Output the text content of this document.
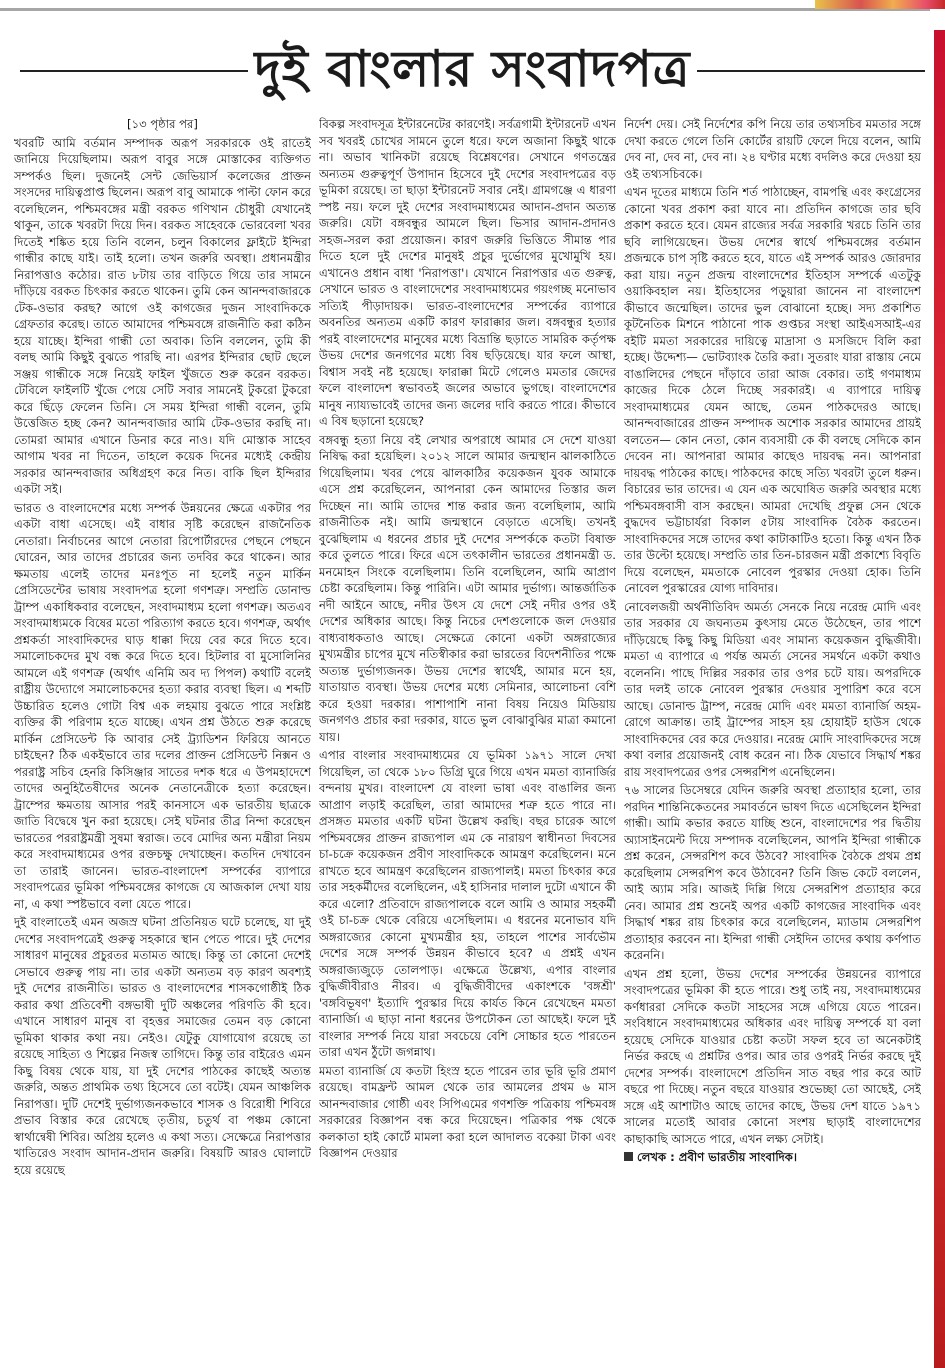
দুই বাংলার সংবাদপত্র
[১৩ পৃষ্ঠার পর]

খবরটি আমি বর্তমান সম্পাদক অরূপ সরকারকে ওই রাতেই জানিয়ে দিয়েছিলাম। অরূপ বাবুর সঙ্গে মোস্তাকের ব্যক্তিগত সম্পর্কও ছিল। দুজনেই সেন্ট জেভিয়ার্স কলেজের প্রাক্তন সংসদের দায়িত্বপ্রাপ্ত ছিলেন। অরূপ বাবু আমাকে পাল্টা ফোন করে বলেছিলেন, পশ্চিমবঙ্গের মন্ত্রী বরকত গণিখান চৌধুরী যেখানেই থাকুন, তাকে খবরটা দিয়ে দিন। বরকত সাহেবকে ভোরবেলা খবর দিতেই শঙ্কিত হয়ে তিনি বলেন, চলুন বিকালের ফ্লাইটে ইন্দিরা গান্ধীর কাছে যাই। তাই হলো। তখন জরুরি অবস্থা। প্রধানমন্ত্রীর নিরাপত্তাও কঠোর। রাত ৮টায় তার বাড়িতে গিয়ে তার সামনে দাঁড়িয়ে বরকত চিৎকার করতে থাকেন। তুমি কেন আনন্দবাজারকে টেক-ওভার করছ? আগে ওই কাগজের দুজন সাংবাদিককে গ্রেফতার করেছ। তাতে আমাদের পশ্চিমবঙ্গে রাজনীতি করা কঠিন হয়ে যাচ্ছে। ইন্দিরা গান্ধী তো অবাক। তিনি বললেন, তুমি কী বলছ আমি কিছুই বুঝতে পারছি না। এরপর ইন্দিরার ছোট ছেলে সঞ্জয় গান্ধীকে সঙ্গে নিয়েই ফাইল খুঁজতে শুরু করেন বরকত। টেবিলে ফাইলটি খুঁজে পেয়ে সেটি সবার সামনেই টুকরো টুকরো করে ছিঁড়ে ফেলেন তিনি। সে সময় ইন্দিরা গান্ধী বলেন, তুমি উত্তেজিত হচ্ছ কেন? আনন্দবাজার আমি টেক-ওভার করছি না। তোমরা আমার এখানে ডিনার করে নাও। যদি মোস্তাক সাহেব আগাম খবর না দিতেন, তাহলে কয়েক দিনের মধ্যেই কেন্দ্রীয় সরকার আনন্দবাজার অধিগ্রহণ করে নিত। বাকি ছিল ইন্দিরার একটা সই।

ভারত ও বাংলাদেশের মধ্যে সম্পর্ক উন্নয়নের ক্ষেত্রে একটার পর একটা বাধা এসেছে। এই বাধার সৃষ্টি করেছেন রাজনৈতিক নেতারা। নির্বাচনের আগে নেতারা রিপোর্টারদের পেছনে পেছনে ঘোরেন, আর তাদের প্রচারের জন্য তদবির করে থাকেন। আর ক্ষমতায় এলেই তাদের মনঃপূত না হলেই নতুন মার্কিন প্রেসিডেন্টের ভাষায় সংবাদপত্র হলো গণশত্রু। সম্প্রতি ডোনাল্ড ট্রাম্প একাধিকবার বলেছেন, সংবাদমাধ্যম হলো গণশত্রু। অতএব সংবাদমাধ্যমকে বিষের মতো পরিত্যাগ করতে হবে। গণশত্রু, অর্থাৎ প্রশ্নকর্তা সাংবাদিকদের ঘাড় ধাক্কা দিয়ে বের করে দিতে হবে। সমালোচকদের মুখ বন্ধ করে দিতে হবে। হিটলার বা মুসোলিনির আমলে এই গণশত্রু (অর্থাৎ এনিমি অব দ্য পিপল) কথাটি বলেই রাষ্ট্রীয় উদ্যোগে সমালোচকদের হত্যা করার ব্যবস্থা ছিল। এ শব্দটি উচ্চারিত হলেও গোটা বিশ্ব এক লহমায় বুঝতে পারে সংশ্লিষ্ট ব্যক্তির কী পরিণাম হতে যাচ্ছে। এখন প্রশ্ন উঠতে শুরু করেছে মার্কিন প্রেসিডেন্ট কি আবার সেই ট্র্যাডিশন ফিরিয়ে আনতে চাইছেন? ঠিক একইভাবে তার দলের প্রাক্তন প্রেসিডেন্ট নিক্সন ও পররাষ্ট্র সচিব হেনরি কিসিঞ্জার সাতের দশক ধরে এ উপমহাদেশে তাদের অনুহিতৈষীদের অনেক নেতানেত্রীকে হত্যা করেছেন। ট্রাম্পের ক্ষমতায় আসার পরই কানসাসে এক ভারতীয় ছাত্রকে জাতি বিদ্বেষে খুন করা হয়েছে। সেই ঘটনার তীব্র নিন্দা করেছেন ভারতের পররাষ্ট্রমন্ত্রী সুষমা স্বরাজ। তবে মোদির অন্য মন্ত্রীরা নিয়ম করে সংবাদমাধ্যমের ওপর রক্তচক্ষু দেখাচ্ছেন। কতদিন দেখাবেন তা তারাই জানেন। ভারত-বাংলাদেশ সম্পর্কের ব্যাপারে সংবাদপত্রের ভূমিকা পশ্চিমবঙ্গের কাগজে যে আজকাল দেখা যায় না, এ কথা স্পষ্টভাবে বলা যেতে পারে।

দুই বাংলাতেই এমন অজস্র ঘটনা প্রতিনিয়ত ঘটে চলেছে, যা দুই দেশের সংবাদপত্রেই গুরুত্ব সহকারে স্থান পেতে পারে। দুই দেশের সাধারণ মানুষের প্রচুরতর মতামত আছে। কিন্তু তা কোনো দেশেই সেভাবে গুরুত্ব পায় না। তার একটা অন্যতম বড় কারণ অবশ্যই দুই দেশের রাজনীতি। ভারত ও বাংলাদেশের শাসকগোষ্ঠীই ঠিক করার কথা প্রতিবেশী বঙ্গভাষী দুটি অঞ্চলের পরিণতি কী হবে। এখানে সাধারণ মানুষ বা বৃহত্তর সমাজের তেমন বড় কোনো ভূমিকা থাকার কথা নয়। নেইও। যেটুকু যোগাযোগ রয়েছে তা রয়েছে সাহিত্য ও শিল্পের নিজস্ব তাগিদে। কিন্তু তার বাইরেও এমন কিছু বিষয় থেকে যায়, যা দুই দেশের পাঠকের কাছেই অত্যন্ত জরুরি, অন্তত প্রাথমিক তথ্য হিসেবে তো বটেই। যেমন আঞ্চলিক নিরাপত্তা। দুটি দেশেই দুর্ভাগ্যজনকভাবে শাসক ও বিরোধী শিবিরে প্রভাব বিস্তার করে রেখেছে তৃতীয়, চতুর্থ বা পঞ্চম কোনো স্বার্থান্বেষী শিবির। অপ্রিয় হলেও এ কথা সত্য। সেক্ষেত্রে নিরাপত্তার খাতিরেও সংবাদ আদান-প্রদান জরুরি। বিষয়টি আরও ঘোলাটে হয়ে রয়েছে

বিকল্প সংবাদসূত্র ইন্টারনেটের কারণেই। সর্বত্রগামী ইন্টারনেট এখন সব খবরই চোখের সামনে তুলে ধরে। ফলে অজানা কিছুই থাকে না। অভাব খানিকটা রয়েছে বিশ্লেষণের। সেখানে গণতন্ত্রের অন্যতম গুরুত্বপূর্ণ উপাদান হিসেবে দুই দেশের সংবাদপত্রের বড় ভূমিকা রয়েছে। তা ছাড়া ইন্টারনেট সবার নেই। গ্রামগঞ্জে এ ধারণা স্পষ্ট নয়। ফলে দুই দেশের সংবাদমাধ্যমের আদান-প্রদান অত্যন্ত জরুরি। যেটা বঙ্গবন্ধুর আমলে ছিল। ভিসার আদান-প্রদানও সহজ-সরল করা প্রয়োজন। কারণ জরুরি ভিত্তিতে সীমান্ত পার দিতে হলে দুই দেশের মানুষই প্রচুর দুর্ভোগের মুখোমুখি হয়। এখানেও প্রধান বাধা 'নিরাপত্তা'। যেখানে নিরাপত্তার এত গুরুত্ব, সেখানে ভারত ও বাংলাদেশের সংবাদমাধ্যমের গয়ংগচ্ছ মনোভাব সত্যিই পীড়াদায়ক। ভারত-বাংলাদেশের সম্পর্কের ব্যাপারে অবনতির অন্যতম একটি কারণ ফারাক্কার জল। বঙ্গবন্ধুর হত্যার পরই বাংলাদেশের মানুষের মধ্যে বিভ্রান্তি ছড়াতে সামরিক কর্তৃপক্ষ উভয় দেশের জনগণের মধ্যে বিষ ছড়িয়েছে। যার ফলে আস্থা, বিশ্বাস সবই নষ্ট হয়েছে। ফারাক্কা মিটে গেলেও মমতার জেদের ফলে বাংলাদেশ স্বভাবতই জলের অভাবে ভুগছে। বাংলাদেশের মানুষ ন্যায্যভাবেই তাদের জন্য জলের দাবি করতে পারে। কীভাবে এ বিষ ছড়ানো হয়েছে?

বঙ্গবন্ধু হত্যা নিয়ে বই লেখার অপরাধে আমার সে দেশে যাওয়া নিষিদ্ধ করা হয়েছিল। ২০১২ সালে আমার জন্মস্থান ঝালকাঠিতে গিয়েছিলাম। খবর পেয়ে ঝালকাঠির কয়েকজন যুবক আমাকে এসে প্রশ্ন করেছিলেন, আপনারা কেন আমাদের তিস্তার জল দিচ্ছেন না। আমি তাদের শান্ত করার জন্য বলেছিলাম, আমি রাজনীতিক নই। আমি জন্মস্থানে বেড়াতে এসেছি। তখনই বুঝেছিলাম এ ধরনের প্রচার দুই দেশের সম্পর্ককে কতটা বিষাক্ত করে তুলতে পারে। ফিরে এসে তৎকালীন ভারতের প্রধানমন্ত্রী ড. মনমোহন সিংকে বলেছিলাম। তিনি বলেছিলেন, আমি আপ্রাণ চেষ্টা করেছিলাম। কিন্তু পারিনি। এটা আমার দুর্ভাগ্য। আন্তর্জাতিক নদী আইনে আছে, নদীর উৎস যে দেশে সেই নদীর ওপর ওই দেশের অধিকার আছে। কিন্তু নিচের দেশগুলোকে জল দেওয়ার বাধ্যবাধকতাও আছে। সেক্ষেত্রে কোনো একটা অঙ্গরাজ্যের মুখ্যমন্ত্রীর চাপের মুখে নতিস্বীকার করা ভারতের বিদেশনীতির পক্ষে অত্যন্ত দুর্ভাগ্যজনক। উভয় দেশের স্বার্থেই, আমার মনে হয়, যাতায়াত ব্যবস্থা। উভয় দেশের মধ্যে সেমিনার, আলোচনা বেশি করে হওয়া দরকার। পাশাপাশি নানা বিষয় নিয়েও মিডিয়ায় জনগণও প্রচার করা দরকার, যাতে ভুল বোঝাবুঝির মাত্রা কমানো যায়।

এপার বাংলার সংবাদমাধ্যমের যে ভূমিকা ১৯৭১ সালে দেখা গিয়েছিল, তা থেকে ১৮০ ডিগ্রি ঘুরে গিয়ে এখন মমতা ব্যানার্জির বন্দনায় মুখর। বাংলাদেশ যে বাংলা ভাষা এবং বাঙালির জন্য আপ্রাণ লড়াই করেছিল, তারা আমাদের শত্রু হতে পারে না। প্রসঙ্গত মমতার একটি ঘটনা উল্লেখ করছি। বছর চারেক আগে পশ্চিমবঙ্গের প্রাক্তন রাজ্যপাল এম কে নারায়ণ স্বাধীনতা দিবসের চা-চক্রে কয়েকজন প্রবীণ সাংবাদিককে আমন্ত্রণ করেছিলেন। মনে রাখতে হবে আমন্ত্রণ করেছিলেন রাজ্যপালই। মমতা চিৎকার করে তার সহকর্মীদের বলেছিলেন, এই হাসিনার দালাল দুটো এখানে কী করে এলো? প্রতিবাদে রাজ্যপালকে বলে আমি ও আমার সহকর্মী ওই চা-চক্র থেকে বেরিয়ে এসেছিলাম। এ ধরনের মনোভাব যদি অঙ্গরাজ্যের কোনো মুখ্যমন্ত্রীর হয়, তাহলে পাশের সার্বভৌম দেশের সঙ্গে সম্পর্ক উন্নয়ন কীভাবে হবে? এ প্রশ্নই এখন অঙ্গরাজ্যজুড়ে তোলপাড়। এক্ষেত্রে উল্লেখ্য, এপার বাংলার বুদ্ধিজীবীরাও নীরব। এ বুদ্ধিজীবীদের একাংশকে 'বঙ্গশ্রী' 'বঙ্গবিভূষণ' ইত্যাদি পুরস্কার দিয়ে কার্যত কিনে রেখেছেন মমতা ব্যানার্জি। এ ছাড়া নানা ধরনের উপঢৌকন তো আছেই। ফলে দুই বাংলার সম্পর্ক নিয়ে যারা সবচেয়ে বেশি সোচ্চার হতে পারতেন তারা এখন ঠুঁটো জগন্নাথ।

মমতা ব্যানার্জি যে কতটা হিংস্র হতে পারেন তার ভূরি ভূরি প্রমাণ রয়েছে। বামফ্রন্ট আমল থেকে তার আমলের প্রথম ৬ মাস আনন্দবাজার গোষ্ঠী এবং সিপিএমের গণশক্তি পত্রিকায় পশ্চিমবঙ্গ সরকারের বিজ্ঞাপন বন্ধ করে দিয়েছেন। পত্রিকার পক্ষ থেকে কলকাতা হাই কোর্টে মামলা করা হলে আদালত বকেয়া টাকা এবং বিজ্ঞাপন দেওয়ার

নির্দেশ দেয়। সেই নির্দেশের কপি নিয়ে তার তথ্যসচিব মমতার সঙ্গে দেখা করতে গেলে তিনি কোর্টের রায়টি ফেলে দিয়ে বলেন, আমি দেব না, দেব না, দেব না। ২৪ ঘণ্টার মধ্যে বদলিও করে দেওয়া হয় ওই তথ্যসচিবকে।

এখন দূতের মাধ্যমে তিনি শর্ত পাঠাচ্ছেন, বামপন্থি এবং কংগ্রেসের কোনো খবর প্রকাশ করা যাবে না। প্রতিদিন কাগজে তার ছবি প্রকাশ করতে হবে। যেমন রাজ্যের সর্বত্র সরকারি খরচে তিনি তার ছবি লাগিয়েছেন। উভয় দেশের স্বার্থে পশ্চিমবঙ্গের বর্তমান প্রজন্মকে চাপ সৃষ্টি করতে হবে, যাতে এই সম্পর্ক আরও জোরদার করা যায়। নতুন প্রজন্ম বাংলাদেশের ইতিহাস সম্পর্কে এতটুকু ওয়াকিবহাল নয়। ইতিহাসের পড়ুয়ারা জানেন না বাংলাদেশ কীভাবে জন্মেছিল। তাদের ভুল বোঝানো হচ্ছে। সদ্য প্রকাশিত কূটনৈতিক মিশনে পাঠানো পাক গুপ্তচর সংস্থা আইএসআই-এর বইটি মমতা সরকারের দায়িত্বে মাদ্রাসা ও মসজিদে বিলি করা হচ্ছে। উদ্দেশ্য— ভোটব্যাংক তৈরি করা। সুতরাং যারা রাস্তায় নেমে বাঙালিদের পেছনে দাঁড়াবে তারা আজ বেকার। তাই গণমাধ্যম কাজের দিকে ঠেলে দিচ্ছে সরকারই। এ ব্যাপারে দায়িত্ব সংবাদমাধ্যমের যেমন আছে, তেমন পাঠকদেরও আছে। আনন্দবাজারের প্রাক্তন সম্পাদক অশোক সরকার আমাদের প্রায়ই বলতেন— কোন নেতা, কোন ব্যবসায়ী কে কী বলছে সেদিকে কান দেবেন না। আপনারা আমার কাছেও দায়বদ্ধ নন। আপনারা দায়বদ্ধ পাঠকের কাছে। পাঠকদের কাছে সত্যি খবরটা তুলে ধরুন। বিচারের ভার তাদের। এ যেন এক অঘোষিত জরুরি অবস্থার মধ্যে পশ্চিমবঙ্গবাসী বাস করছেন। আমরা দেখেছি প্রফুল্ল সেন থেকে বুদ্ধদেব ভট্টাচার্যরা বিকাল ৫টায় সাংবাদিক বৈঠক করতেন। সাংবাদিকদের সঙ্গে তাদের কথা কাটাকাটিও হতো। কিন্তু এখন ঠিক তার উল্টো হয়েছে। সম্প্রতি তার তিন-চারজন মন্ত্রী প্রকাশ্যে বিবৃতি দিয়ে বলেছেন, মমতাকে নোবেল পুরস্কার দেওয়া হোক। তিনি নোবেল পুরস্কারের যোগ্য দাবিদার।

নোবেলজয়ী অর্থনীতিবিদ অমর্ত্য সেনকে নিয়ে নরেন্দ্র মোদি এবং তার সরকার যে জঘন্যতম কুৎসায় মেতে উঠেছেন, তার পাশে দাঁড়িয়েছে কিছু কিছু মিডিয়া এবং সামান্য কয়েকজন বুদ্ধিজীবী। মমতা এ ব্যাপারে এ পর্যন্ত অমর্ত্য সেনের সমর্থনে একটা কথাও বলেননি। পাছে দিল্লির সরকার তার ওপর চটে যায়। অপরদিকে তার দলই তাকে নোবেল পুরস্কার দেওয়ার সুপারিশ করে বসে আছে। ডোনাল্ড ট্রাম্প, নরেন্দ্র মোদি এবং মমতা ব্যানার্জি অহম-রোগে আক্রান্ত। তাই ট্রাম্পের সাহস হয় হোয়াইট হাউস থেকে সাংবাদিকদের বের করে দেওয়ার। নরেন্দ্র মোদি সাংবাদিকদের সঙ্গে কথা বলার প্রয়োজনই বোধ করেন না। ঠিক যেভাবে সিদ্ধার্থ শঙ্কর রায় সংবাদপত্রের ওপর সেন্সরশিপ এনেছিলেন।

৭৬ সালের ডিসেম্বরে যেদিন জরুরি অবস্থা প্রত্যাহার হলো, তার পরদিন শান্তিনিকেতনের সমাবর্তনে ভাষণ দিতে এসেছিলেন ইন্দিরা গান্ধী। আমি কভার করতে যাচ্ছি শুনে, বাংলাদেশের পর দ্বিতীয় অ্যাসাইনমেন্ট দিয়ে সম্পাদক বলেছিলেন, আপনি ইন্দিরা গান্ধীকে প্রশ্ন করেন, সেন্সরশিপ কবে উঠবে? সাংবাদিক বৈঠকে প্রথম প্রশ্ন করেছিলাম সেন্সরশিপ কবে উঠাবেন? তিনি জিভ কেটে বললেন, আই অ্যাম সরি। আজই দিল্লি গিয়ে সেন্সরশিপ প্রত্যাহার করে নেব। আমার প্রশ্ন শুনেই অপর একটি কাগজের সাংবাদিক এবং সিদ্ধার্থ শঙ্কর রায় চিৎকার করে বলেছিলেন, ম্যাডাম সেন্সরশিপ প্রত্যাহার করবেন না। ইন্দিরা গান্ধী সেইদিন তাদের কথায় কর্ণপাত করেননি।

এখন প্রশ্ন হলো, উভয় দেশের সম্পর্কের উন্নয়নের ব্যাপারে সংবাদপত্রের ভূমিকা কী হতে পারে। শুধু তাই নয়, সংবাদমাধ্যমের কর্ণধাররা সেদিকে কতটা সাহসের সঙ্গে এগিয়ে যেতে পারেন। সংবিধানে সংবাদমাধ্যমের অধিকার এবং দায়িত্ব সম্পর্কে যা বলা হয়েছে সেদিকে যাওয়ার চেষ্টা কতটা সফল হবে তা অনেকটাই নির্ভর করছে এ প্রশ্নটির ওপর। আর তার ওপরই নির্ভর করছে দুই দেশের সম্পর্ক। বাংলাদেশে প্রতিদিন সাত বছর পার করে আট বছরে পা দিচ্ছে। নতুন বছরে যাওয়ার শুভেচ্ছা তো আছেই, সেই সঙ্গে এই আশাটাও আছে তাদের কাছে, উভয় দেশ যাতে ১৯৭১ সালের মতোই আবার কোনো সংশয় ছাড়াই বাংলাদেশের কাছাকাছি আসতে পারে, এখন লক্ষ্য সেটাই।

লেখক : প্রবীণ ভারতীয় সাংবাদিক।
